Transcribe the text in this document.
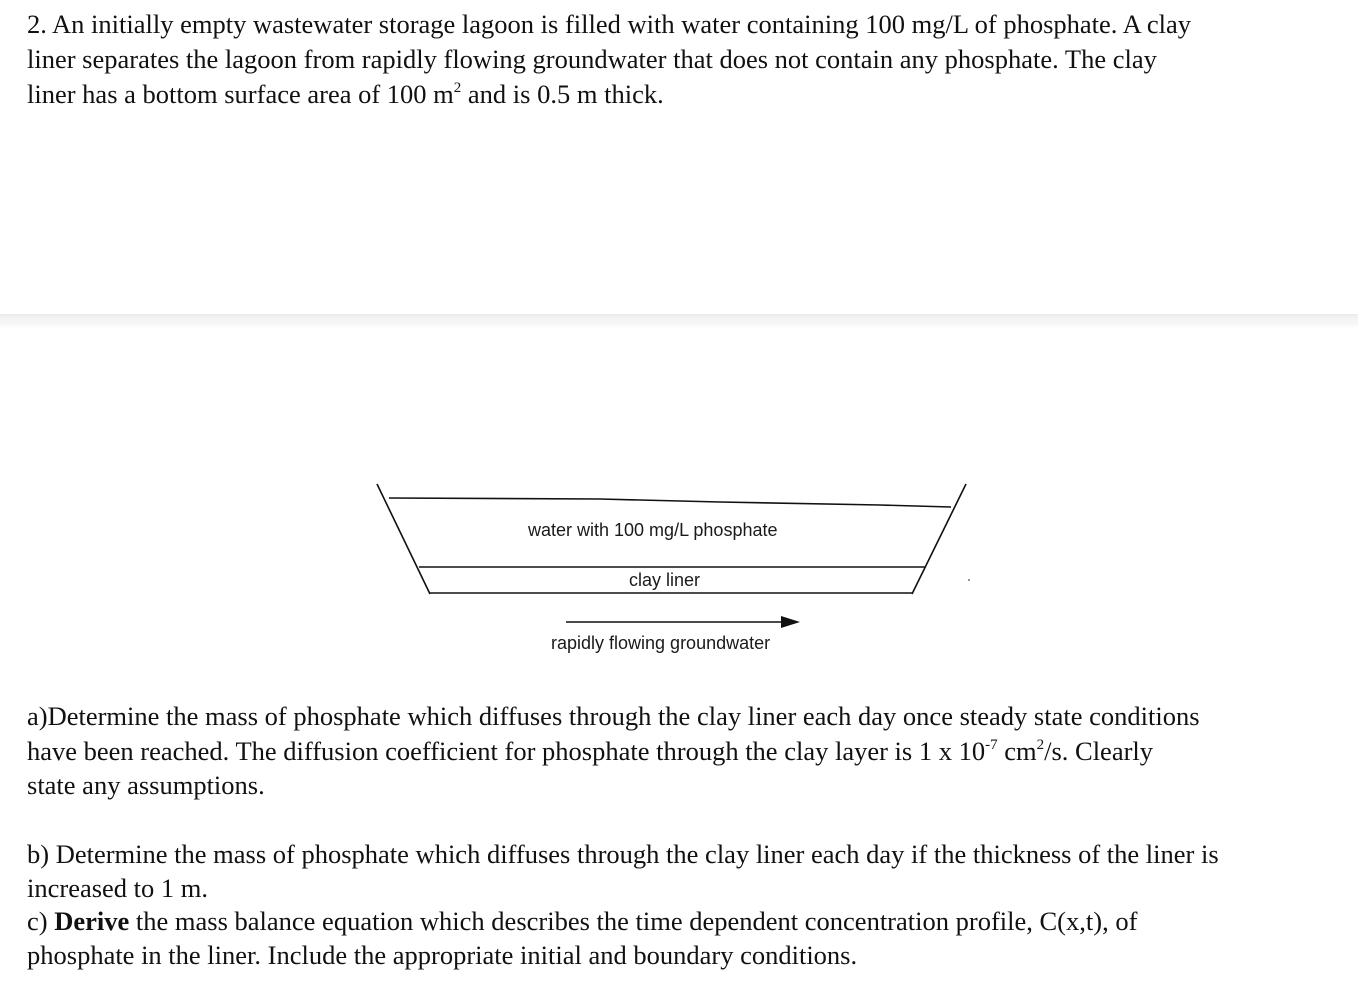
2. An initially empty wastewater storage lagoon is filled with water containing 100 mg/L of phosphate. A clay
liner separates the lagoon from rapidly flowing groundwater that does not contain any phosphate. The clay
liner has a bottom surface area of 100 $m^2$ and is 0.5 m thick.

water with 100 mg/L phosphate
clay liner
rapidly flowing groundwater

a)Determine the mass of phosphate which diffuses through the clay liner each day once steady state conditions
have been reached. The diffusion coefficient for phosphate through the clay layer is 1 x $10^{-7}$ $cm^2/s$. Clearly
state any assumptions.

b) Determine the mass of phosphate which diffuses through the clay liner each day if the thickness of the liner is
increased to 1 m.

c) Derive the mass balance equation which describes the time dependent concentration profile, C(x,t), of
phosphate in the liner. Include the appropriate initial and boundary conditions.
